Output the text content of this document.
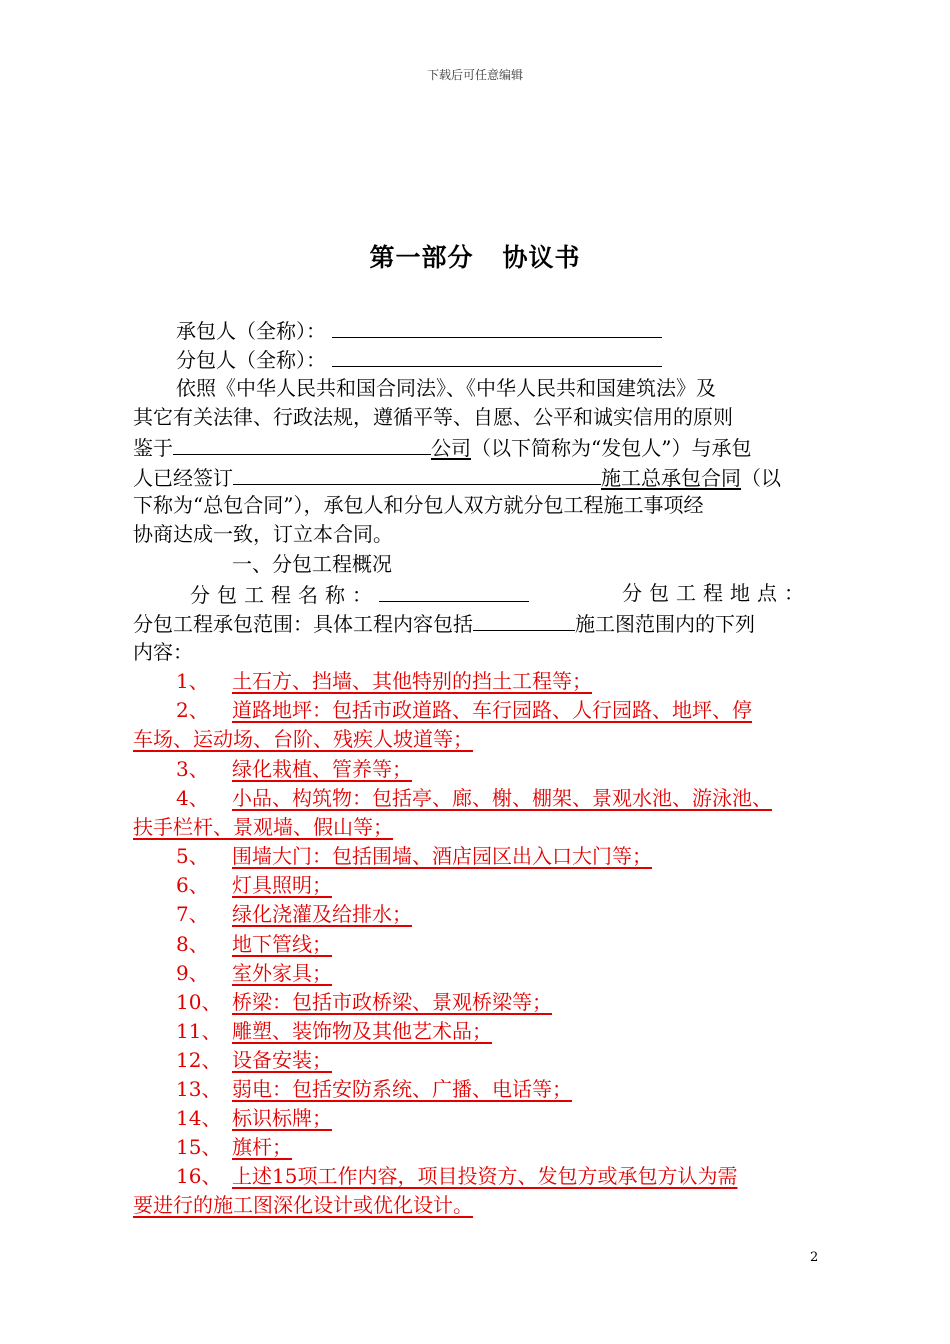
下载后可任意编辑
第一部分   协议书
承包人（全称）：
分包人（全称）：
依照《中华人民共和国合同法》、《中华人民共和国建筑法》及
其它有关法律、行政法规，遵循平等、自愿、公平和诚实信用的原则
鉴于	公司（以下简称为“发包人”）与承包
人已经签订	施工总承包合同（以
下称为“总包合同”），承包人和分包人双方就分包工程施工事项经
协商达成一致，订立本合同。
一、分包工程概况
分包工程名称：	分包工程地点：
分包工程承包范围：具体工程内容包括	施工图范围内的下列
内容：
1、 土石方、挡墙、其他特别的挡土工程等；
2、 道路地坪：包括市政道路、车行园路、人行园路、地坪、停
车场、运动场、台阶、残疾人坡道等；
3、 绿化栽植、管养等；
4、 小品、构筑物：包括亭、廊、榭、棚架、景观水池、游泳池、
扶手栏杆、景观墙、假山等；
5、 围墙大门：包括围墙、酒店园区出入口大门等；
6、 灯具照明；
7、 绿化浇灌及给排水；
8、 地下管线；
9、 室外家具；
10、 桥梁：包括市政桥梁、景观桥梁等；
11、 雕塑、装饰物及其他艺术品；
12、 设备安装；
13、 弱电：包括安防系统、广播、电话等；
14、 标识标牌；
15、 旗杆；
16、 上述15项工作内容，项目投资方、发包方或承包方认为需
要进行的施工图深化设计或优化设计。
2
